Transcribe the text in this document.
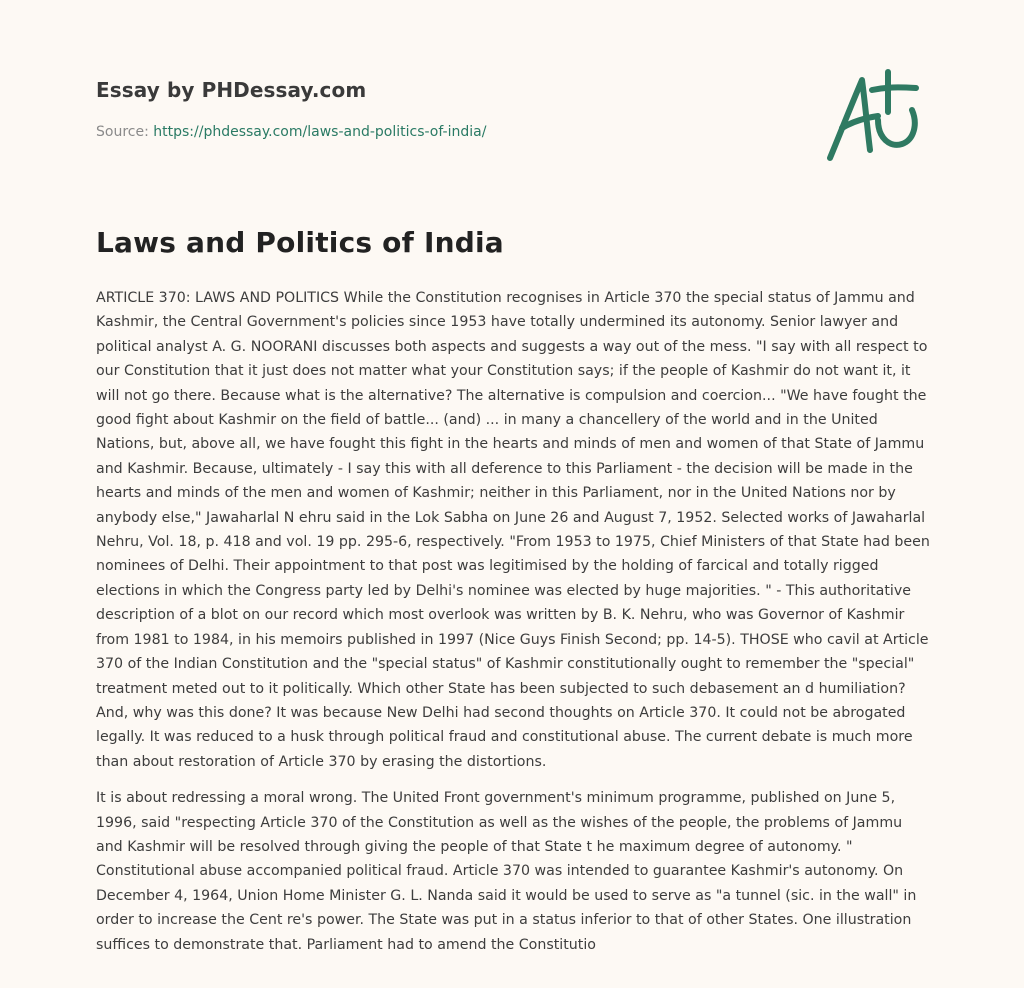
Essay by PHDessay.com
Source: https://phdessay.com/laws-and-politics-of-india/
Laws and Politics of India

ARTICLE 370: LAWS AND POLITICS While the Constitution recognises in Article 370 the special status of Jammu and Kashmir, the Central Government's policies since 1953 have totally undermined its autonomy. Senior lawyer and political analyst A. G. NOORANI discusses both aspects and suggests a way out of the mess. "I say with all respect to our Constitution that it just does not matter what your Constitution says; if the people of Kashmir do not want it, it will not go there. Because what is the alternative? The alternative is compulsion and coercion... "We have fought the good fight about Kashmir on the field of battle... (and) ... in many a chancellery of the world and in the United Nations, but, above all, we have fought this fight in the hearts and minds of men and women of that State of Jammu and Kashmir. Because, ultimately - I say this with all deference to this Parliament - the decision will be made in the hearts and minds of the men and women of Kashmir; neither in this Parliament, nor in the United Nations nor by anybody else," Jawaharlal N ehru said in the Lok Sabha on June 26 and August 7, 1952. Selected works of Jawaharlal Nehru, Vol. 18, p. 418 and vol. 19 pp. 295-6, respectively. "From 1953 to 1975, Chief Ministers of that State had been nominees of Delhi. Their appointment to that post was legitimised by the holding of farcical and totally rigged elections in which the Congress party led by Delhi's nominee was elected by huge majorities. " - This authoritative description of a blot on our record which most overlook was written by B. K. Nehru, who was Governor of Kashmir from 1981 to 1984, in his memoirs published in 1997 (Nice Guys Finish Second; pp. 14-5). THOSE who cavil at Article 370 of the Indian Constitution and the "special status" of Kashmir constitutionally ought to remember the "special" treatment meted out to it politically. Which other State has been subjected to such debasement an d humiliation? And, why was this done? It was because New Delhi had second thoughts on Article 370. It could not be abrogated legally. It was reduced to a husk through political fraud and constitutional abuse. The current debate is much more than about restoration of Article 370 by erasing the distortions.

It is about redressing a moral wrong. The United Front government's minimum programme, published on June 5, 1996, said "respecting Article 370 of the Constitution as well as the wishes of the people, the problems of Jammu and Kashmir will be resolved through giving the people of that State t he maximum degree of autonomy. " Constitutional abuse accompanied political fraud. Article 370 was intended to guarantee Kashmir's autonomy. On December 4, 1964, Union Home Minister G. L. Nanda said it would be used to serve as "a tunnel (sic. in the wall" in order to increase the Cent re's power. The State was put in a status inferior to that of other States. One illustration suffices to demonstrate that. Parliament had to amend the Constitutio
